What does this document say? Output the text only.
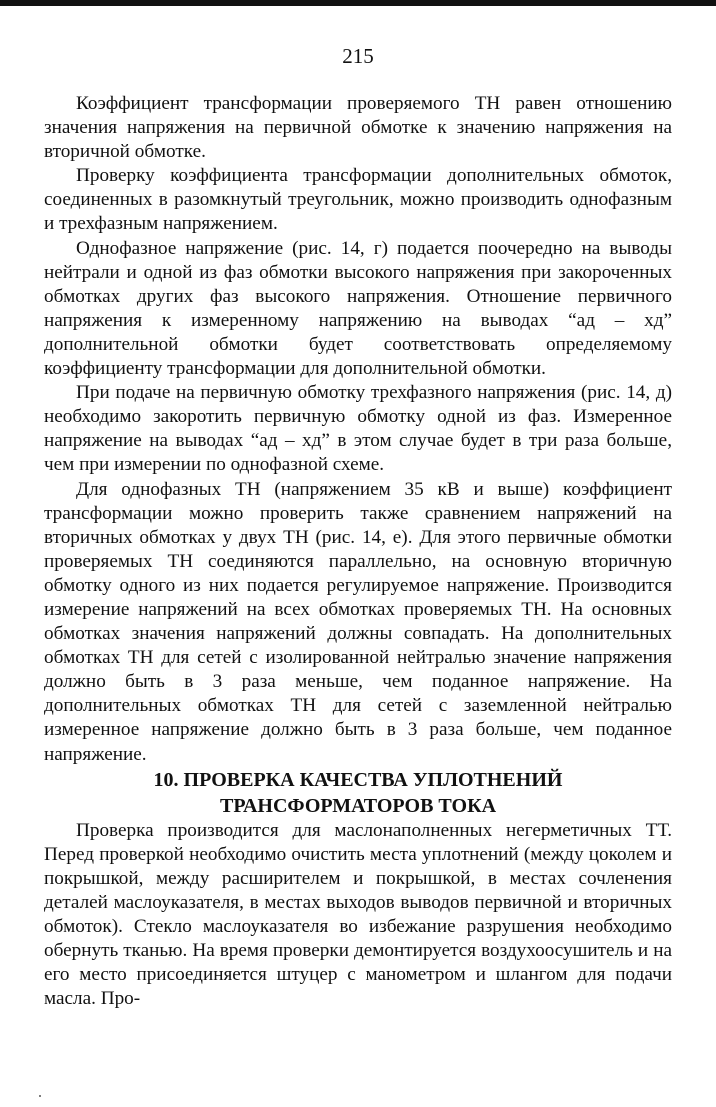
215

Коэффициент трансформации проверяемого ТН равен отношению значения напряжения на первичной обмотке к значению напряжения на вторичной обмотке.

Проверку коэффициента трансформации дополнительных обмоток, соединенных в разомкнутый треугольник, можно производить однофазным и трехфазным напряжением.

Однофазное напряжение (рис. 14, г) подается поочередно на выводы нейтрали и одной из фаз обмотки высокого напряжения при закороченных обмотках других фаз высокого напряжения. Отношение первичного напряжения к измеренному напряжению на выводах “aд – xд” дополнительной обмотки будет соответствовать определяемому коэффициенту трансформации для дополнительной обмотки.

При подаче на первичную обмотку трехфазного напряжения (рис. 14, д) необходимо закоротить первичную обмотку одной из фаз. Измеренное напряжение на выводах “aд – xд” в этом случае будет в три раза больше, чем при измерении по однофазной схеме.

Для однофазных ТН (напряжением 35 кВ и выше) коэффициент трансформации можно проверить также сравнением напряжений на вторичных обмотках у двух ТН (рис. 14, е). Для этого первичные обмотки проверяемых ТН соединяются параллельно, на основную вторичную обмотку одного из них подается регулируемое напряжение. Производится измерение напряжений на всех обмотках проверяемых ТН. На основных обмотках значения напряжений должны совпадать. На дополнительных обмотках ТН для сетей с изолированной нейтралью значение напряжения должно быть в 3 раза меньше, чем поданное напряжение. На дополнительных обмотках ТН для сетей с заземленной нейтралью измеренное напряжение должно быть в 3 раза больше, чем поданное напряжение.

10. ПРОВЕРКА КАЧЕСТВА УПЛОТНЕНИЙ
ТРАНСФОРМАТОРОВ ТОКА

Проверка производится для маслонаполненных негерметичных ТТ. Перед проверкой необходимо очистить места уплотнений (между цоколем и покрышкой, между расширителем и покрышкой, в местах сочленения деталей маслоуказателя, в местах выходов выводов первичной и вторичных обмоток). Стекло маслоуказателя во избежание разрушения необходимо обернуть тканью. На время проверки демонтируется воздухоосушитель и на его место присоединяется штуцер с манометром и шлангом для подачи масла. Про-
